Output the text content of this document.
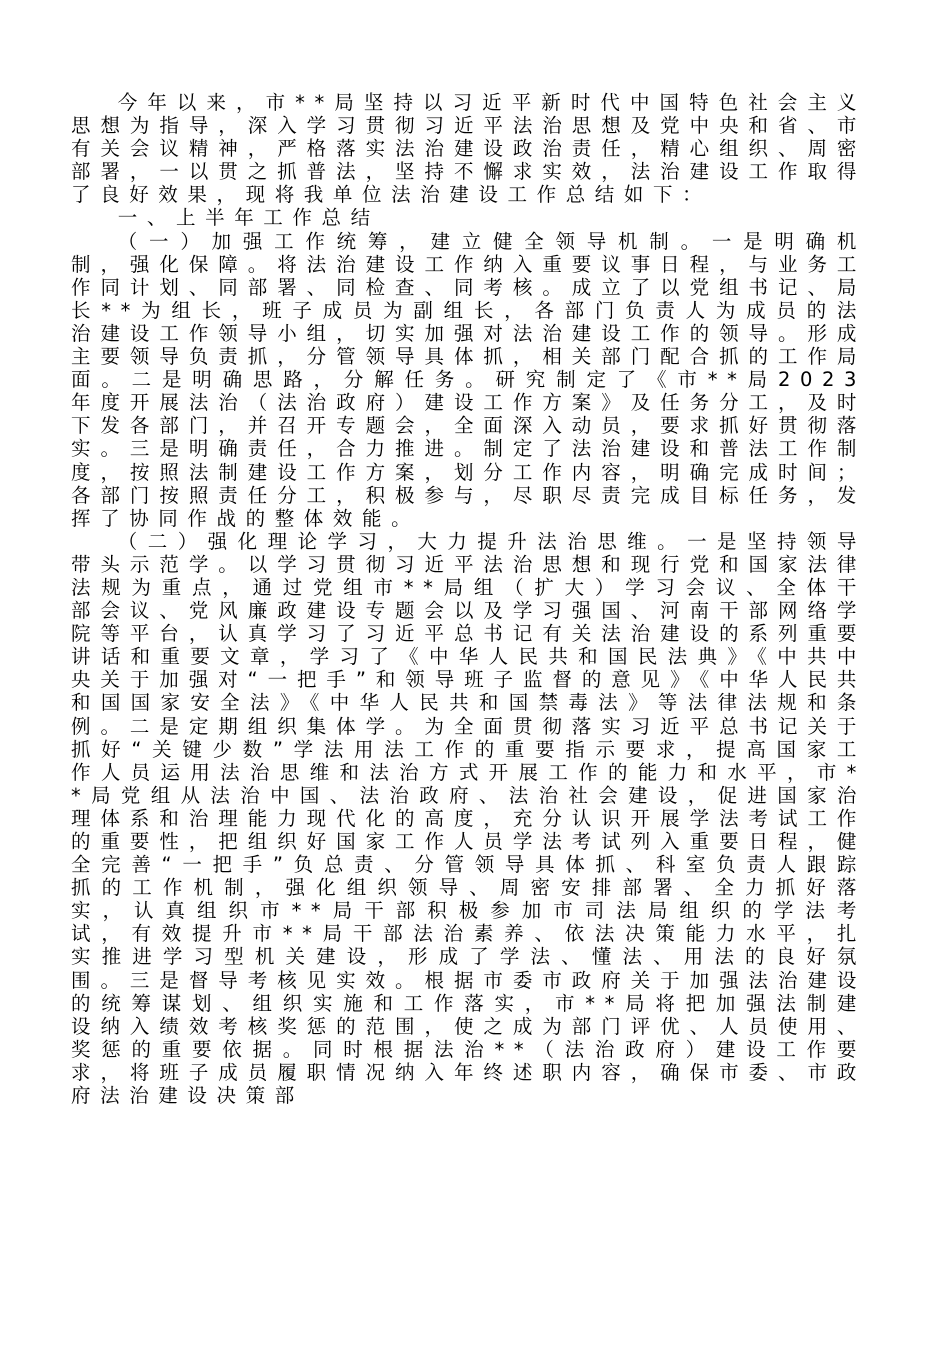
今年以来，市**局坚持以习近平新时代中国特色社会主义思想为指导，深入学习贯彻习近平法治思想及党中央和省、市有关会议精神，严格落实法治建设政治责任，精心组织、周密部署，一以贯之抓普法，坚持不懈求实效，法治建设工作取得了良好效果，现将我单位法治建设工作总结如下：

一、上半年工作总结

（一）加强工作统筹，建立健全领导机制。一是明确机制，强化保障。将法治建设工作纳入重要议事日程，与业务工作同计划、同部署、同检查、同考核。成立了以党组书记、局长**为组长，班子成员为副组长，各部门负责人为成员的法治建设工作领导小组，切实加强对法治建设工作的领导。形成主要领导负责抓，分管领导具体抓，相关部门配合抓的工作局面。二是明确思路，分解任务。研究制定了《市**局2023年度开展法治（法治政府）建设工作方案》及任务分工，及时下发各部门，并召开专题会，全面深入动员，要求抓好贯彻落实。三是明确责任，合力推进。制定了法治建设和普法工作制度，按照法制建设工作方案，划分工作内容，明确完成时间；各部门按照责任分工，积极参与，尽职尽责完成目标任务，发挥了协同作战的整体效能。

（二）强化理论学习，大力提升法治思维。一是坚持领导带头示范学。以学习贯彻习近平法治思想和现行党和国家法律法规为重点，通过党组市**局组（扩大）学习会议、全体干部会议、党风廉政建设专题会以及学习强国、河南干部网络学院等平台，认真学习了习近平总书记有关法治建设的系列重要讲话和重要文章，学习了《中华人民共和国民法典》《中共中央关于加强对“一把手”和领导班子监督的意见》《中华人民共和国国家安全法》《中华人民共和国禁毒法》等法律法规和条例。二是定期组织集体学。为全面贯彻落实习近平总书记关于抓好“关键少数”学法用法工作的重要指示要求，提高国家工作人员运用法治思维和法治方式开展工作的能力和水平，市**局党组从法治中国、法治政府、法治社会建设，促进国家治理体系和治理能力现代化的高度，充分认识开展学法考试工作的重要性，把组织好国家工作人员学法考试列入重要日程，健全完善“一把手”负总责、分管领导具体抓、科室负责人跟踪抓的工作机制，强化组织领导、周密安排部署、全力抓好落实，认真组织市**局干部积极参加市司法局组织的学法考试，有效提升市**局干部法治素养、依法决策能力水平，扎实推进学习型机关建设，形成了学法、懂法、用法的良好氛围。三是督导考核见实效。根据市委市政府关于加强法治建设的统筹谋划、组织实施和工作落实，市**局将把加强法制建设纳入绩效考核奖惩的范围，使之成为部门评优、人员使用、奖惩的重要依据。同时根据法治**（法治政府）建设工作要求，将班子成员履职情况纳入年终述职内容，确保市委、市政府法治建设决策部
